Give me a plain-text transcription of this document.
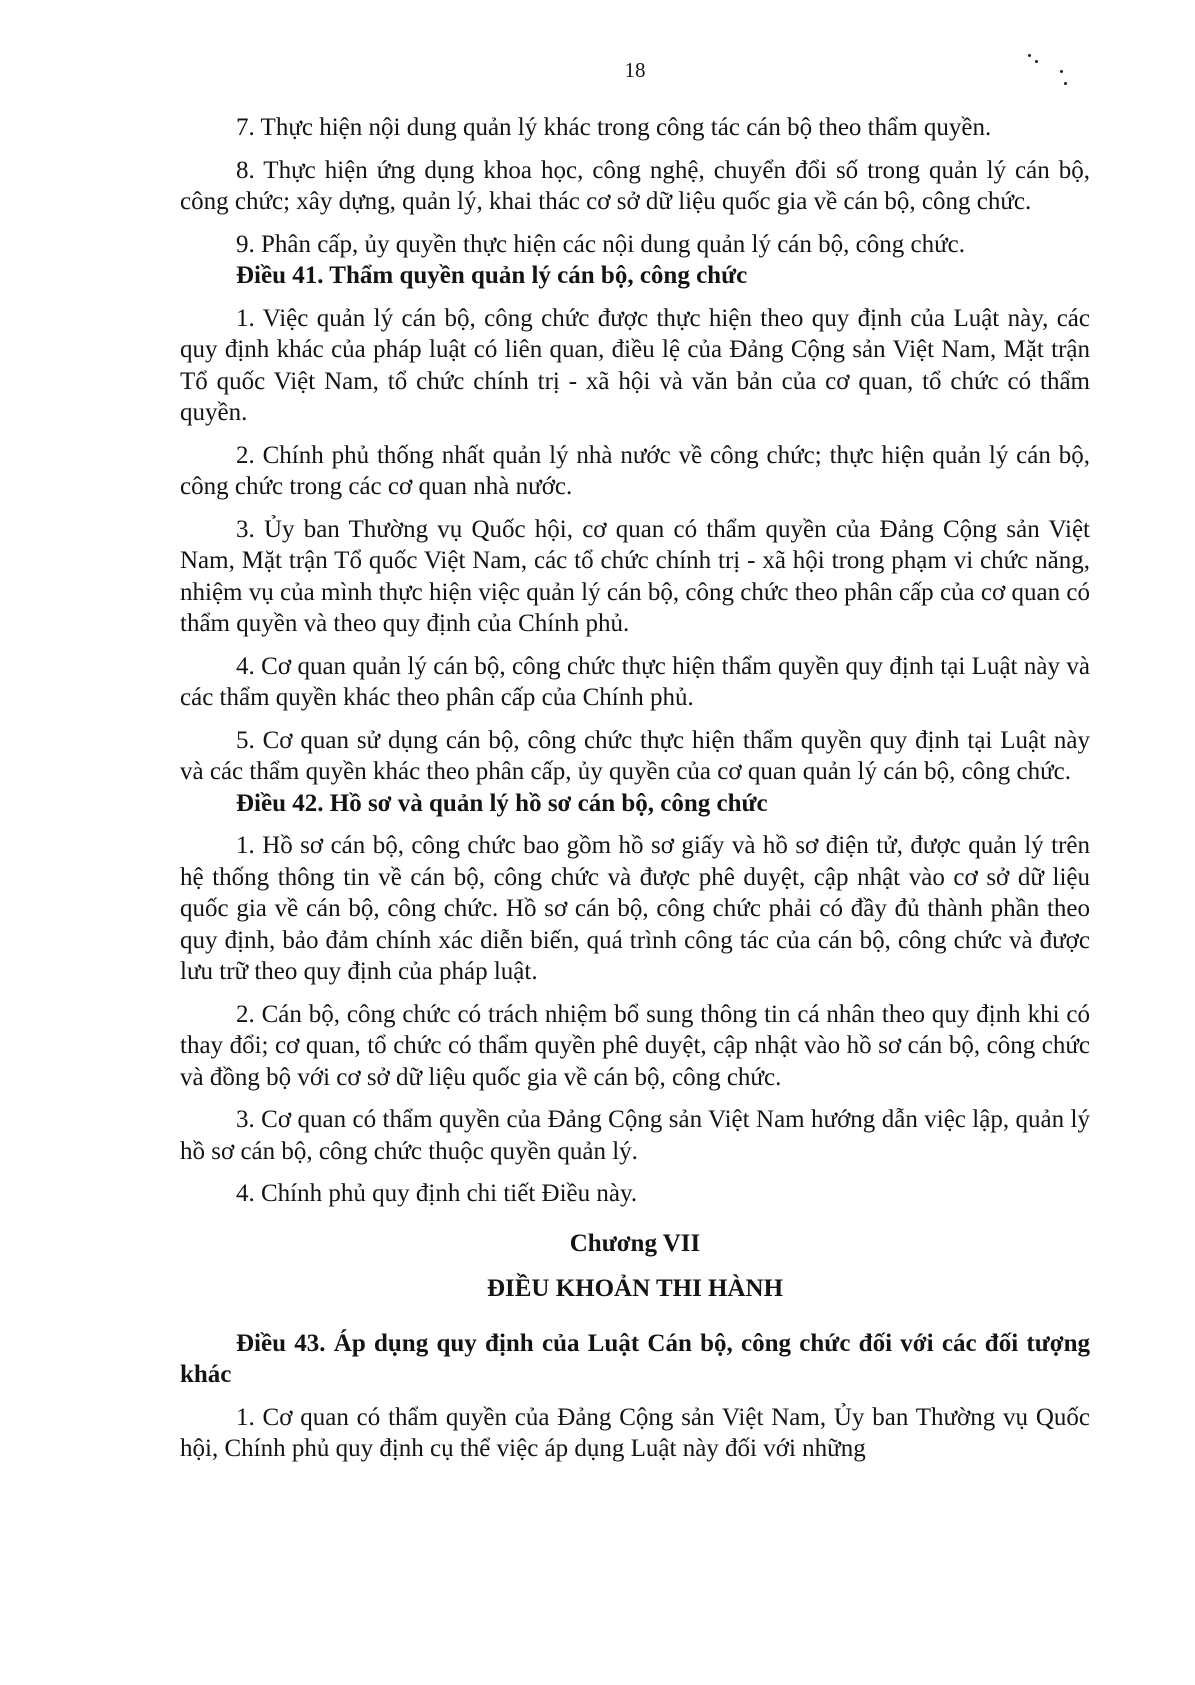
18

7. Thực hiện nội dung quản lý khác trong công tác cán bộ theo thẩm quyền.

8. Thực hiện ứng dụng khoa học, công nghệ, chuyển đổi số trong quản lý cán bộ, công chức; xây dựng, quản lý, khai thác cơ sở dữ liệu quốc gia về cán bộ, công chức.

9. Phân cấp, ủy quyền thực hiện các nội dung quản lý cán bộ, công chức.

Điều 41. Thẩm quyền quản lý cán bộ, công chức

1. Việc quản lý cán bộ, công chức được thực hiện theo quy định của Luật này, các quy định khác của pháp luật có liên quan, điều lệ của Đảng Cộng sản Việt Nam, Mặt trận Tổ quốc Việt Nam, tổ chức chính trị - xã hội và văn bản của cơ quan, tổ chức có thẩm quyền.

2. Chính phủ thống nhất quản lý nhà nước về công chức; thực hiện quản lý cán bộ, công chức trong các cơ quan nhà nước.

3. Ủy ban Thường vụ Quốc hội, cơ quan có thẩm quyền của Đảng Cộng sản Việt Nam, Mặt trận Tổ quốc Việt Nam, các tổ chức chính trị - xã hội trong phạm vi chức năng, nhiệm vụ của mình thực hiện việc quản lý cán bộ, công chức theo phân cấp của cơ quan có thẩm quyền và theo quy định của Chính phủ.

4. Cơ quan quản lý cán bộ, công chức thực hiện thẩm quyền quy định tại Luật này và các thẩm quyền khác theo phân cấp của Chính phủ.

5. Cơ quan sử dụng cán bộ, công chức thực hiện thẩm quyền quy định tại Luật này và các thẩm quyền khác theo phân cấp, ủy quyền của cơ quan quản lý cán bộ, công chức.

Điều 42. Hồ sơ và quản lý hồ sơ cán bộ, công chức

1. Hồ sơ cán bộ, công chức bao gồm hồ sơ giấy và hồ sơ điện tử, được quản lý trên hệ thống thông tin về cán bộ, công chức và được phê duyệt, cập nhật vào cơ sở dữ liệu quốc gia về cán bộ, công chức. Hồ sơ cán bộ, công chức phải có đầy đủ thành phần theo quy định, bảo đảm chính xác diễn biến, quá trình công tác của cán bộ, công chức và được lưu trữ theo quy định của pháp luật.

2. Cán bộ, công chức có trách nhiệm bổ sung thông tin cá nhân theo quy định khi có thay đổi; cơ quan, tổ chức có thẩm quyền phê duyệt, cập nhật vào hồ sơ cán bộ, công chức và đồng bộ với cơ sở dữ liệu quốc gia về cán bộ, công chức.

3. Cơ quan có thẩm quyền của Đảng Cộng sản Việt Nam hướng dẫn việc lập, quản lý hồ sơ cán bộ, công chức thuộc quyền quản lý.

4. Chính phủ quy định chi tiết Điều này.

Chương VII

ĐIỀU KHOẢN THI HÀNH

Điều 43. Áp dụng quy định của Luật Cán bộ, công chức đối với các đối tượng khác

1. Cơ quan có thẩm quyền của Đảng Cộng sản Việt Nam, Ủy ban Thường vụ Quốc hội, Chính phủ quy định cụ thể việc áp dụng Luật này đối với những
